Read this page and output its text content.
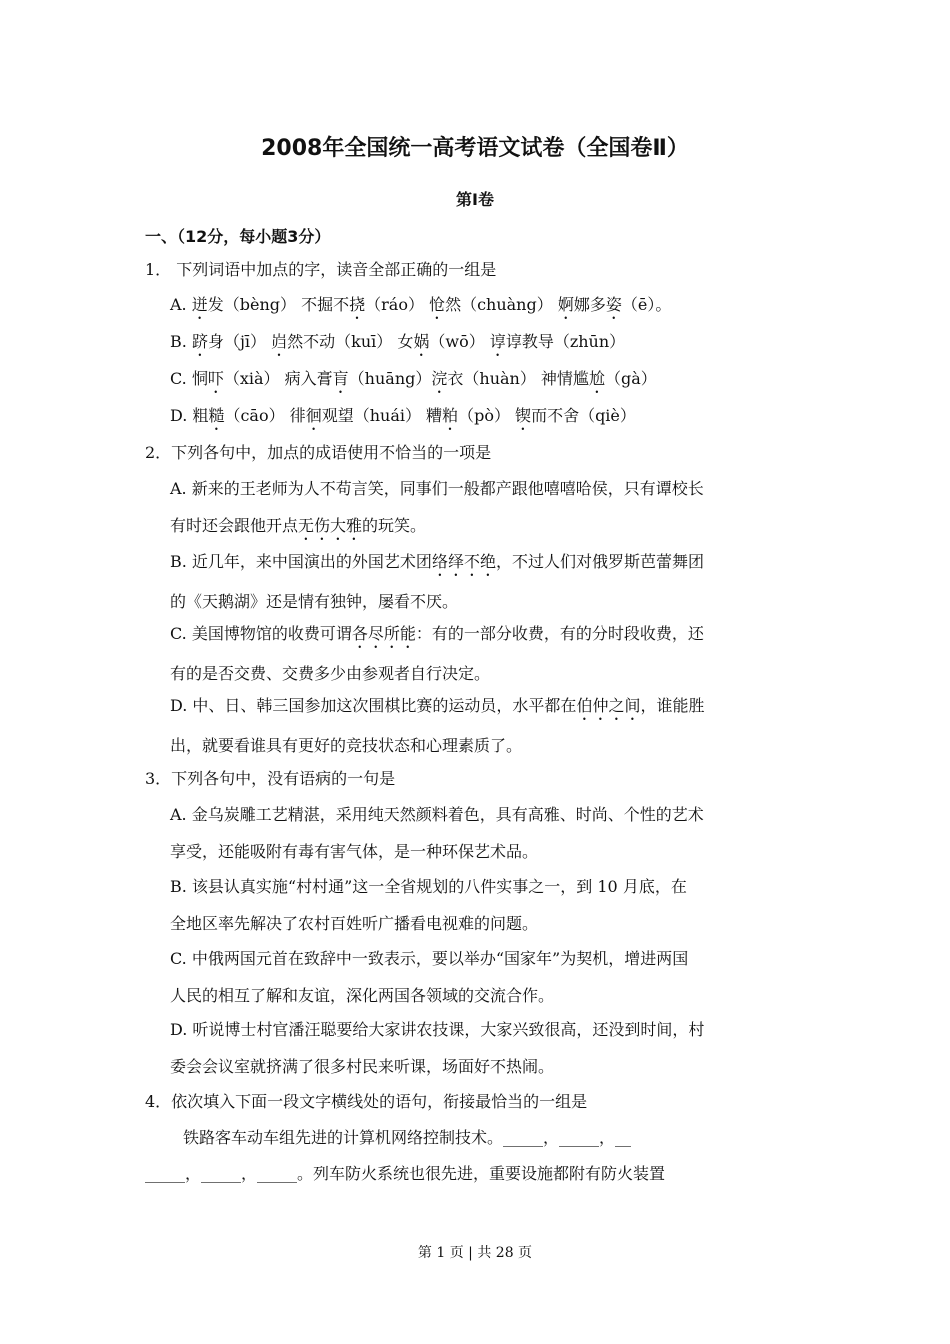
2008年全国统一高考语文试卷（全国卷Ⅱ）
第Ⅰ卷
一、（12分，每小题3分）
1． 下列词语中加点的字，读音全部正确的一组是
A. 迸发（bèng） 不掘不挠（ráo） 怆然（chuàng） 婀娜多姿（ē）。
B. 跻身（jī） 岿然不动（kuī） 女娲（wō） 谆谆教导（zhūn）
C. 恫吓（xià） 病入膏肓（huāng）浣衣（huàn） 神情尴尬（gà）
D. 粗糙（cāo） 徘徊观望（huái） 糟粕（pò） 锲而不舍（qiè）
2．下列各句中，加点的成语使用不恰当的一项是
A. 新来的王老师为人不苟言笑，同事们一般都产跟他嘻嘻哈侯，只有谭校长
有时还会跟他开点无伤大雅的玩笑。
B. 近几年，来中国演出的外国艺术团络绎不绝，不过人们对俄罗斯芭蕾舞团
的《天鹅湖》还是情有独钟，屡看不厌。
C. 美国博物馆的收费可谓各尽所能：有的一部分收费，有的分时段收费，还
有的是否交费、交费多少由参观者自行决定。
D. 中、日、韩三国参加这次围棋比赛的运动员，水平都在伯仲之间，谁能胜
出，就要看谁具有更好的竞技状态和心理素质了。
3．下列各句中，没有语病的一句是
A. 金乌炭雕工艺精湛，采用纯天然颜料着色，具有高雅、时尚、个性的艺术
享受，还能吸附有毒有害气体，是一种环保艺术品。
B. 该县认真实施“村村通”这一全省规划的八件实事之一，到 10 月底，在
全地区率先解决了农村百姓听广播看电视难的问题。
C. 中俄两国元首在致辞中一致表示，要以举办“国家年”为契机，增进两国
人民的相互了解和友谊，深化两国各领域的交流合作。
D. 听说博士村官潘汪聪要给大家讲农技课，大家兴致很高，还没到时间，村
委会会议室就挤满了很多村民来听课，场面好不热闹。
4．依次填入下面一段文字横线处的语句，衔接最恰当的一组是
铁路客车动车组先进的计算机网络控制技术。_____，_____，__
_____，_____，_____。列车防火系统也很先进，重要设施都附有防火装置
第 1 页 | 共 28 页
